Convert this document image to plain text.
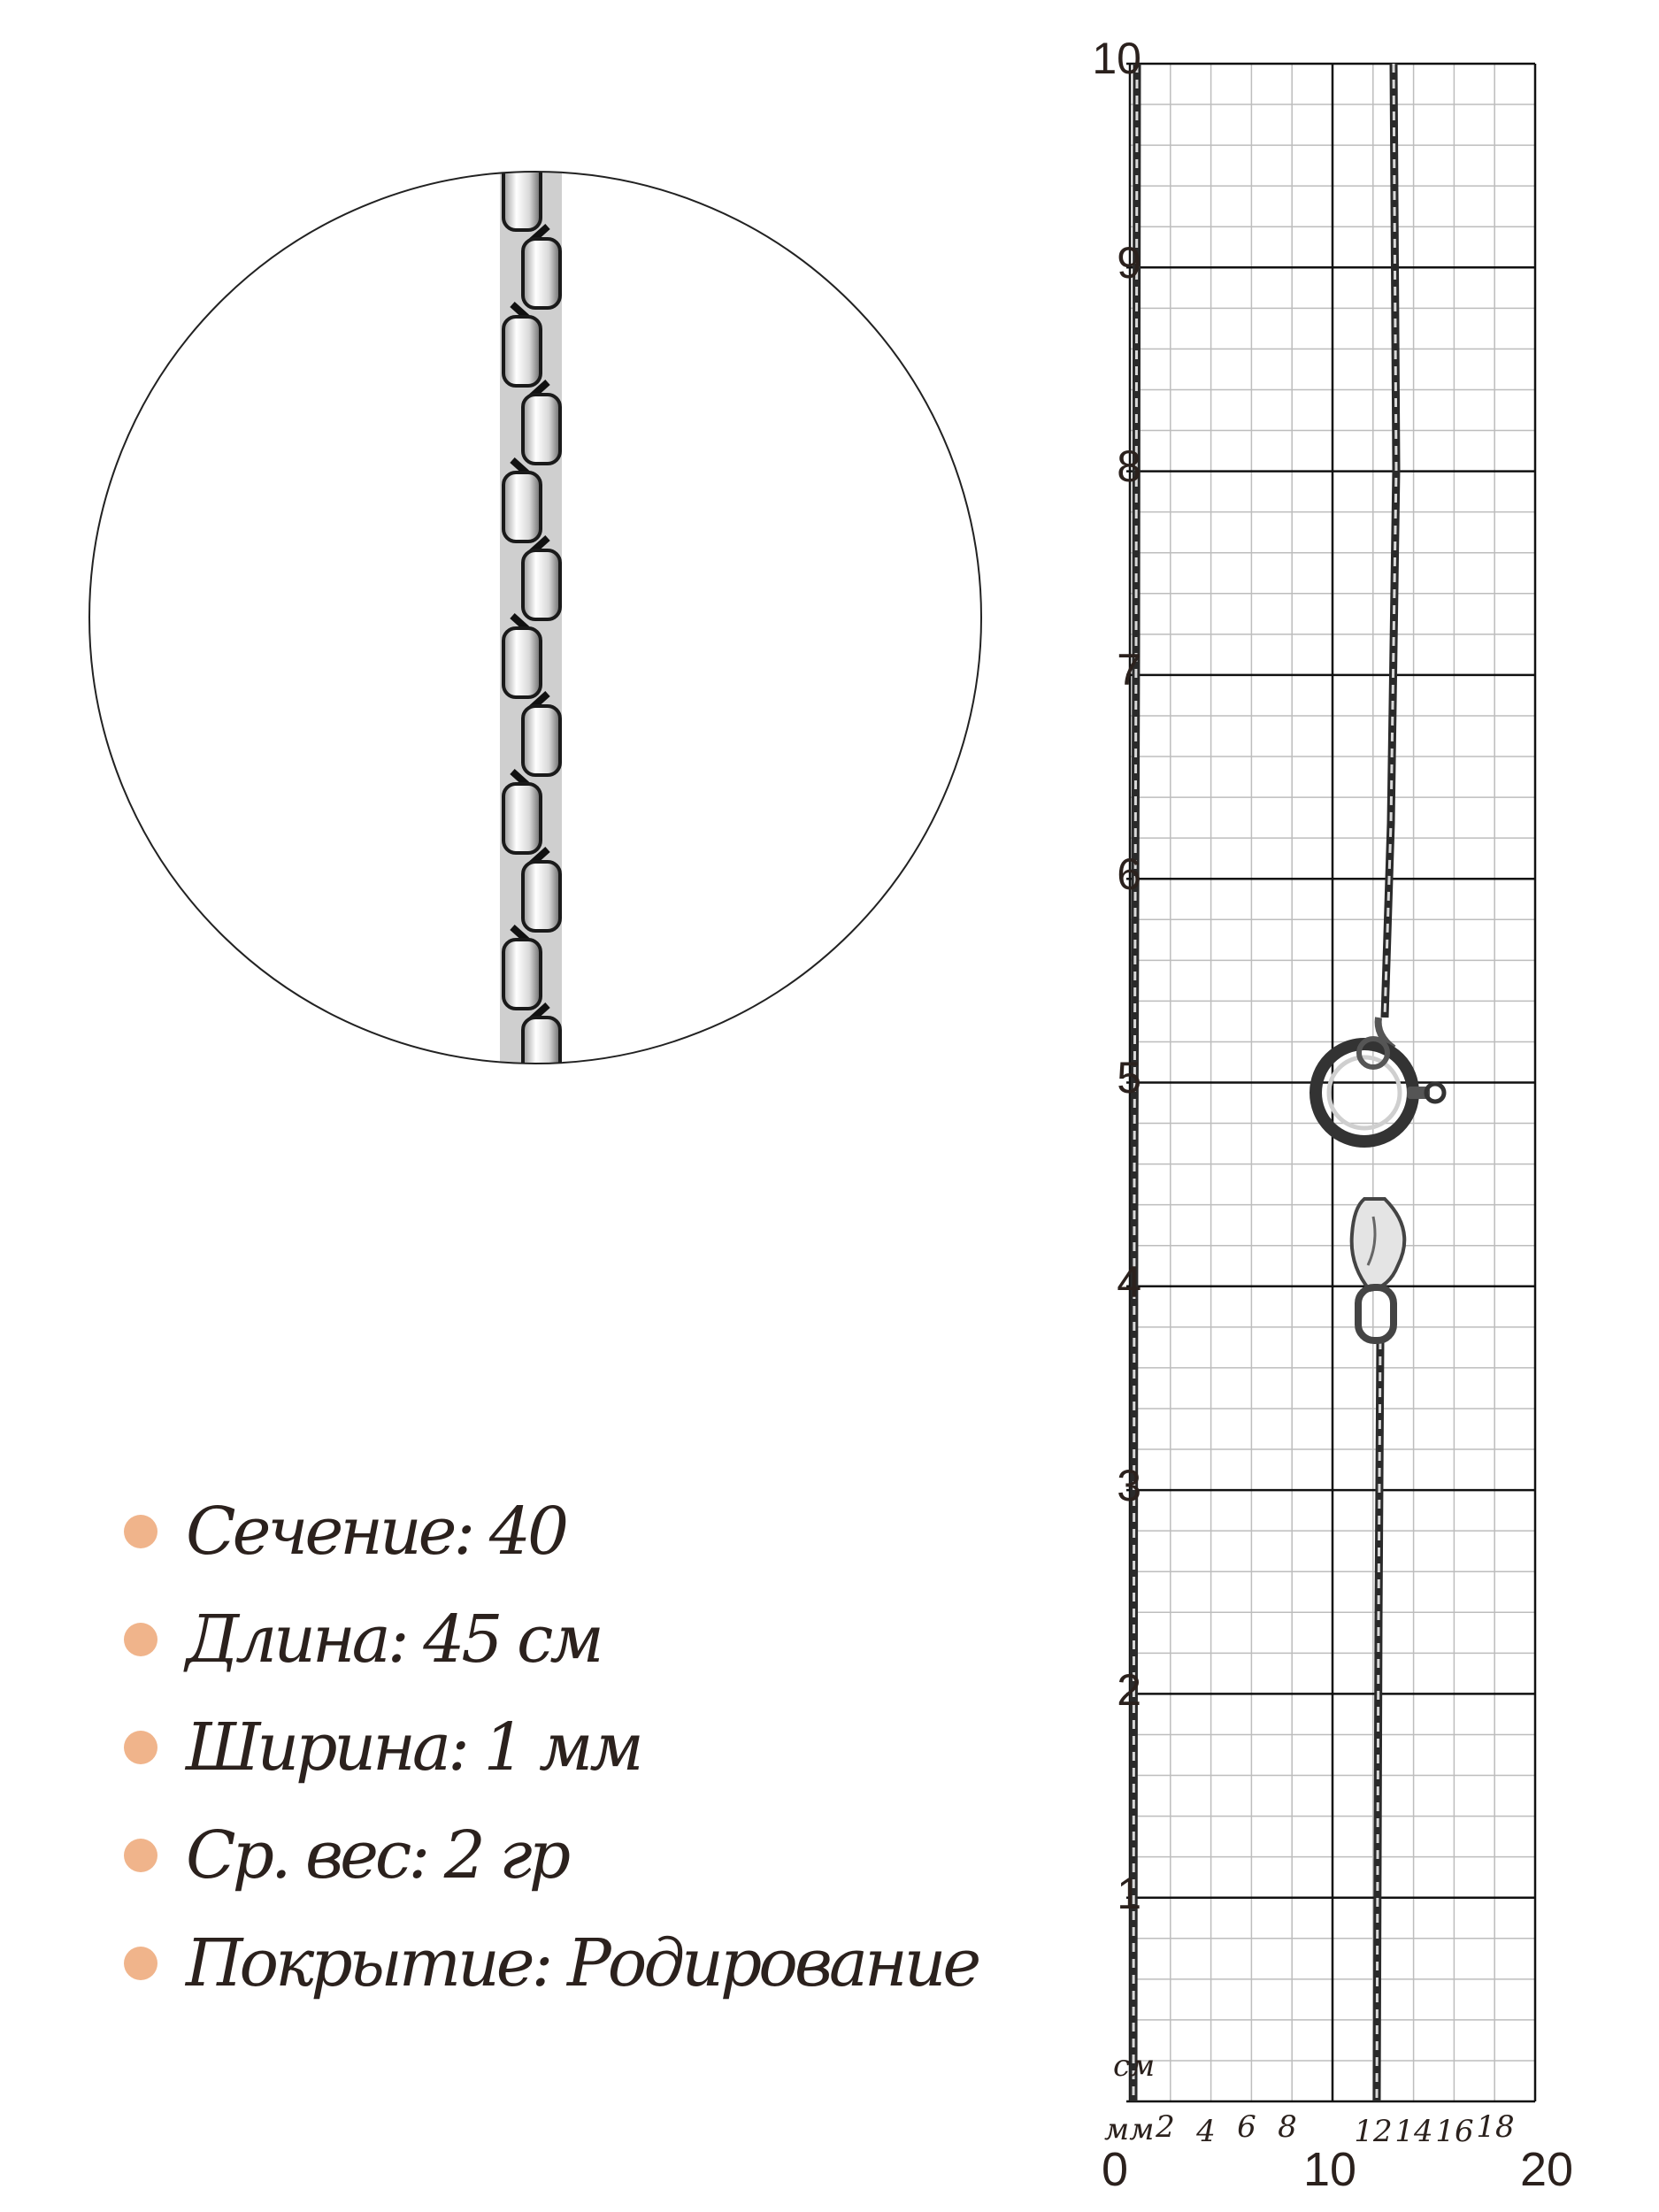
Сечение: 40
Длина: 45 см
Ширина: 1 мм
Ср. вес: 2 гр
Покрытие: Родирование
10
9
8
7
6
5
4
3
2
1
см
мм 2 4 6 8 12 14 16 18
0	10	20
